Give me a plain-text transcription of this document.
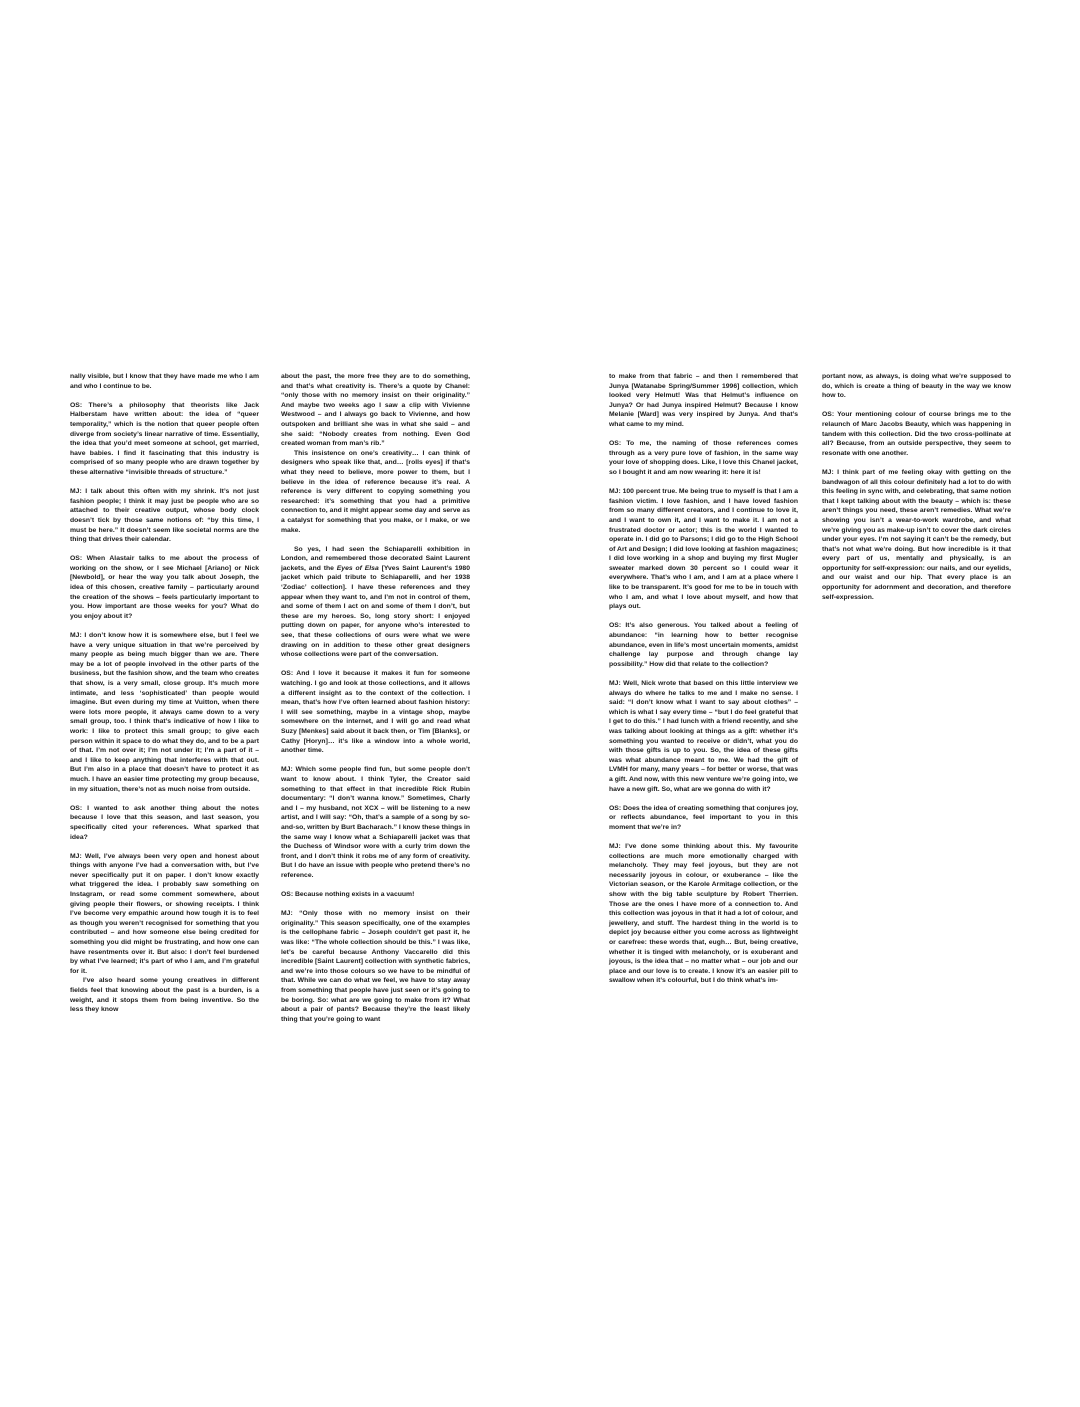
nally visible, but I know that they have made me who I am and who I continue to be.

OS: There’s a philosophy that theorists like Jack Halberstam have written about: the idea of “queer temporality,” which is the notion that queer people often diverge from society’s linear narrative of time. Essentially, the idea that you’d meet someone at school, get married, have babies. I find it fascinating that this industry is comprised of so many people who are drawn together by these alternative “invisible threads of structure.”

MJ: I talk about this often with my shrink. It’s not just fashion people; I think it may just be people who are so attached to their creative output, whose body clock doesn’t tick by those same notions of: “by this time, I must be here.” It doesn’t seem like societal norms are the thing that drives their calendar.

OS: When Alastair talks to me about the process of working on the show, or I see Michael [Ariano] or Nick [Newbold], or hear the way you talk about Joseph, the idea of this chosen, creative family – particularly around the creation of the shows – feels particularly important to you. How important are those weeks for you? What do you enjoy about it?

MJ: I don’t know how it is somewhere else, but I feel we have a very unique situation in that we’re perceived by many people as being much bigger than we are. There may be a lot of people involved in the other parts of the business, but the fashion show, and the team who creates that show, is a very small, close group. It’s much more intimate, and less ‘sophisticated’ than people would imagine. But even during my time at Vuitton, when there were lots more people, it always came down to a very small group, too. I think that’s indicative of how I like to work: I like to protect this small group; to give each person within it space to do what they do, and to be a part of that. I’m not over it; I’m not under it; I’m a part of it – and I like to keep anything that interferes with that out. But I’m also in a place that doesn’t have to protect it as much. I have an easier time protecting my group because, in my situation, there’s not as much noise from outside.

OS: I wanted to ask another thing about the notes because I love that this season, and last season, you specifically cited your references. What sparked that idea?

MJ: Well, I’ve always been very open and honest about things with anyone I’ve had a conversation with, but I’ve never specifically put it on paper. I don’t know exactly what triggered the idea. I probably saw something on Instagram, or read some comment somewhere, about giving people their flowers, or showing receipts. I think I’ve become very empathic around how tough it is to feel as though you weren’t recognised for something that you contributed – and how someone else being credited for something you did might be frustrating, and how one can have resentments over it. But also: I don’t feel burdened by what I’ve learned; it’s part of who I am, and I’m grateful for it.

I’ve also heard some young creatives in different fields feel that knowing about the past is a burden, is a weight, and it stops them from being inventive. So the less they know

about the past, the more free they are to do something, and that’s what creativity is. There’s a quote by Chanel: “only those with no memory insist on their originality.” And maybe two weeks ago I saw a clip with Vivienne Westwood – and I always go back to Vivienne, and how outspoken and brilliant she was in what she said – and she said: “Nobody creates from nothing. Even God created woman from man’s rib.”

This insistence on one’s creativity… I can think of designers who speak like that, and… [rolls eyes] if that’s what they need to believe, more power to them, but I believe in the idea of reference because it’s real. A reference is very different to copying something you researched: it’s something that you had a primitive connection to, and it might appear some day and serve as a catalyst for something that you make, or I make, or we make.

So yes, I had seen the Schiaparelli exhibition in London, and remembered those decorated Saint Laurent jackets, and the Eyes of Elsa [Yves Saint Laurent’s 1980 jacket which paid tribute to Schiaparelli, and her 1938 ‘Zodiac’ collection]. I have these references and they appear when they want to, and I’m not in control of them, and some of them I act on and some of them I don’t, but these are my heroes. So, long story short: I enjoyed putting down on paper, for anyone who’s interested to see, that these collections of ours were what we were drawing on in addition to these other great designers whose collections were part of the conversation.

OS: And I love it because it makes it fun for someone watching. I go and look at those collections, and it allows a different insight as to the context of the collection. I mean, that’s how I’ve often learned about fashion history: I will see something, maybe in a vintage shop, maybe somewhere on the internet, and I will go and read what Suzy [Menkes] said about it back then, or Tim [Blanks], or Cathy [Horyn]… it’s like a window into a whole world, another time.

MJ: Which some people find fun, but some people don’t want to know about. I think Tyler, the Creator said something to that effect in that incredible Rick Rubin documentary: “I don’t wanna know.” Sometimes, Charly and I – my husband, not XCX – will be listening to a new artist, and I will say: “Oh, that’s a sample of a song by so-and-so, written by Burt Bacharach.” I know these things in the same way I know what a Schiaparelli jacket was that the Duchess of Windsor wore with a curly trim down the front, and I don’t think it robs me of any form of creativity. But I do have an issue with people who pretend there’s no reference.

OS: Because nothing exists in a vacuum!

MJ: “Only those with no memory insist on their originality.” This season specifically, one of the examples is the cellophane fabric – Joseph couldn’t get past it, he was like: “The whole collection should be this.” I was like, let’s be careful because Anthony Vaccarello did this incredible [Saint Laurent] collection with synthetic fabrics, and we’re into those colours so we have to be mindful of that. While we can do what we feel, we have to stay away from something that people have just seen or it’s going to be boring. So: what are we going to make from it? What about a pair of pants? Because they’re the least likely thing that you’re going to want

to make from that fabric – and then I remembered that Junya [Watanabe Spring/Summer 1996] collection, which looked very Helmut! Was that Helmut’s influence on Junya? Or had Junya inspired Helmut? Because I know Melanie [Ward] was very inspired by Junya. And that’s what came to my mind.

OS: To me, the naming of those references comes through as a very pure love of fashion, in the same way your love of shopping does. Like, I love this Chanel jacket, so I bought it and am now wearing it: here it is!

MJ: 100 percent true. Me being true to myself is that I am a fashion victim. I love fashion, and I have loved fashion from so many different creators, and I continue to love it, and I want to own it, and I want to make it. I am not a frustrated doctor or actor; this is the world I wanted to operate in. I did go to Parsons; I did go to the High School of Art and Design; I did love looking at fashion magazines; I did love working in a shop and buying my first Mugler sweater marked down 30 percent so I could wear it everywhere. That’s who I am, and I am at a place where I like to be transparent. It’s good for me to be in touch with who I am, and what I love about myself, and how that plays out.

OS: It’s also generous. You talked about a feeling of abundance: “in learning how to better recognise abundance, even in life’s most uncertain moments, amidst challenge lay purpose and through change lay possibility.” How did that relate to the collection?

MJ: Well, Nick wrote that based on this little interview we always do where he talks to me and I make no sense. I said: “I don’t know what I want to say about clothes” – which is what I say every time – “but I do feel grateful that I get to do this.” I had lunch with a friend recently, and she was talking about looking at things as a gift: whether it’s something you wanted to receive or didn’t, what you do with those gifts is up to you. So, the idea of these gifts was what abundance meant to me. We had the gift of LVMH for many, many years – for better or worse, that was a gift. And now, with this new venture we’re going into, we have a new gift. So, what are we gonna do with it?

OS: Does the idea of creating something that conjures joy, or reflects abundance, feel important to you in this moment that we’re in?

MJ: I’ve done some thinking about this. My favourite collections are much more emotionally charged with melancholy. They may feel joyous, but they are not necessarily joyous in colour, or exuberance – like the Victorian season, or the Karole Armitage collection, or the show with the big table sculpture by Robert Therrien. Those are the ones I have more of a connection to. And this collection was joyous in that it had a lot of colour, and jewellery, and stuff. The hardest thing in the world is to depict joy because either you come across as lightweight or carefree: these words that, eugh… But, being creative, whether it is tinged with melancholy, or is exuberant and joyous, is the idea that – no matter what – our job and our place and our love is to create. I know it’s an easier pill to swallow when it’s colourful, but I do think what’s im-

portant now, as always, is doing what we’re supposed to do, which is create a thing of beauty in the way we know how to.

OS: Your mentioning colour of course brings me to the relaunch of Marc Jacobs Beauty, which was happening in tandem with this collection. Did the two cross-pollinate at all? Because, from an outside perspective, they seem to resonate with one another.

MJ: I think part of me feeling okay with getting on the bandwagon of all this colour definitely had a lot to do with this feeling in sync with, and celebrating, that same notion that I kept talking about with the beauty – which is: these aren’t things you need, these aren’t remedies. What we’re showing you isn’t a wear-to-work wardrobe, and what we’re giving you as make-up isn’t to cover the dark circles under your eyes. I’m not saying it can’t be the remedy, but that’s not what we’re doing. But how incredible is it that every part of us, mentally and physically, is an opportunity for self-expression: our nails, and our eyelids, and our waist and our hip. That every place is an opportunity for adornment and decoration, and therefore self-expression.
